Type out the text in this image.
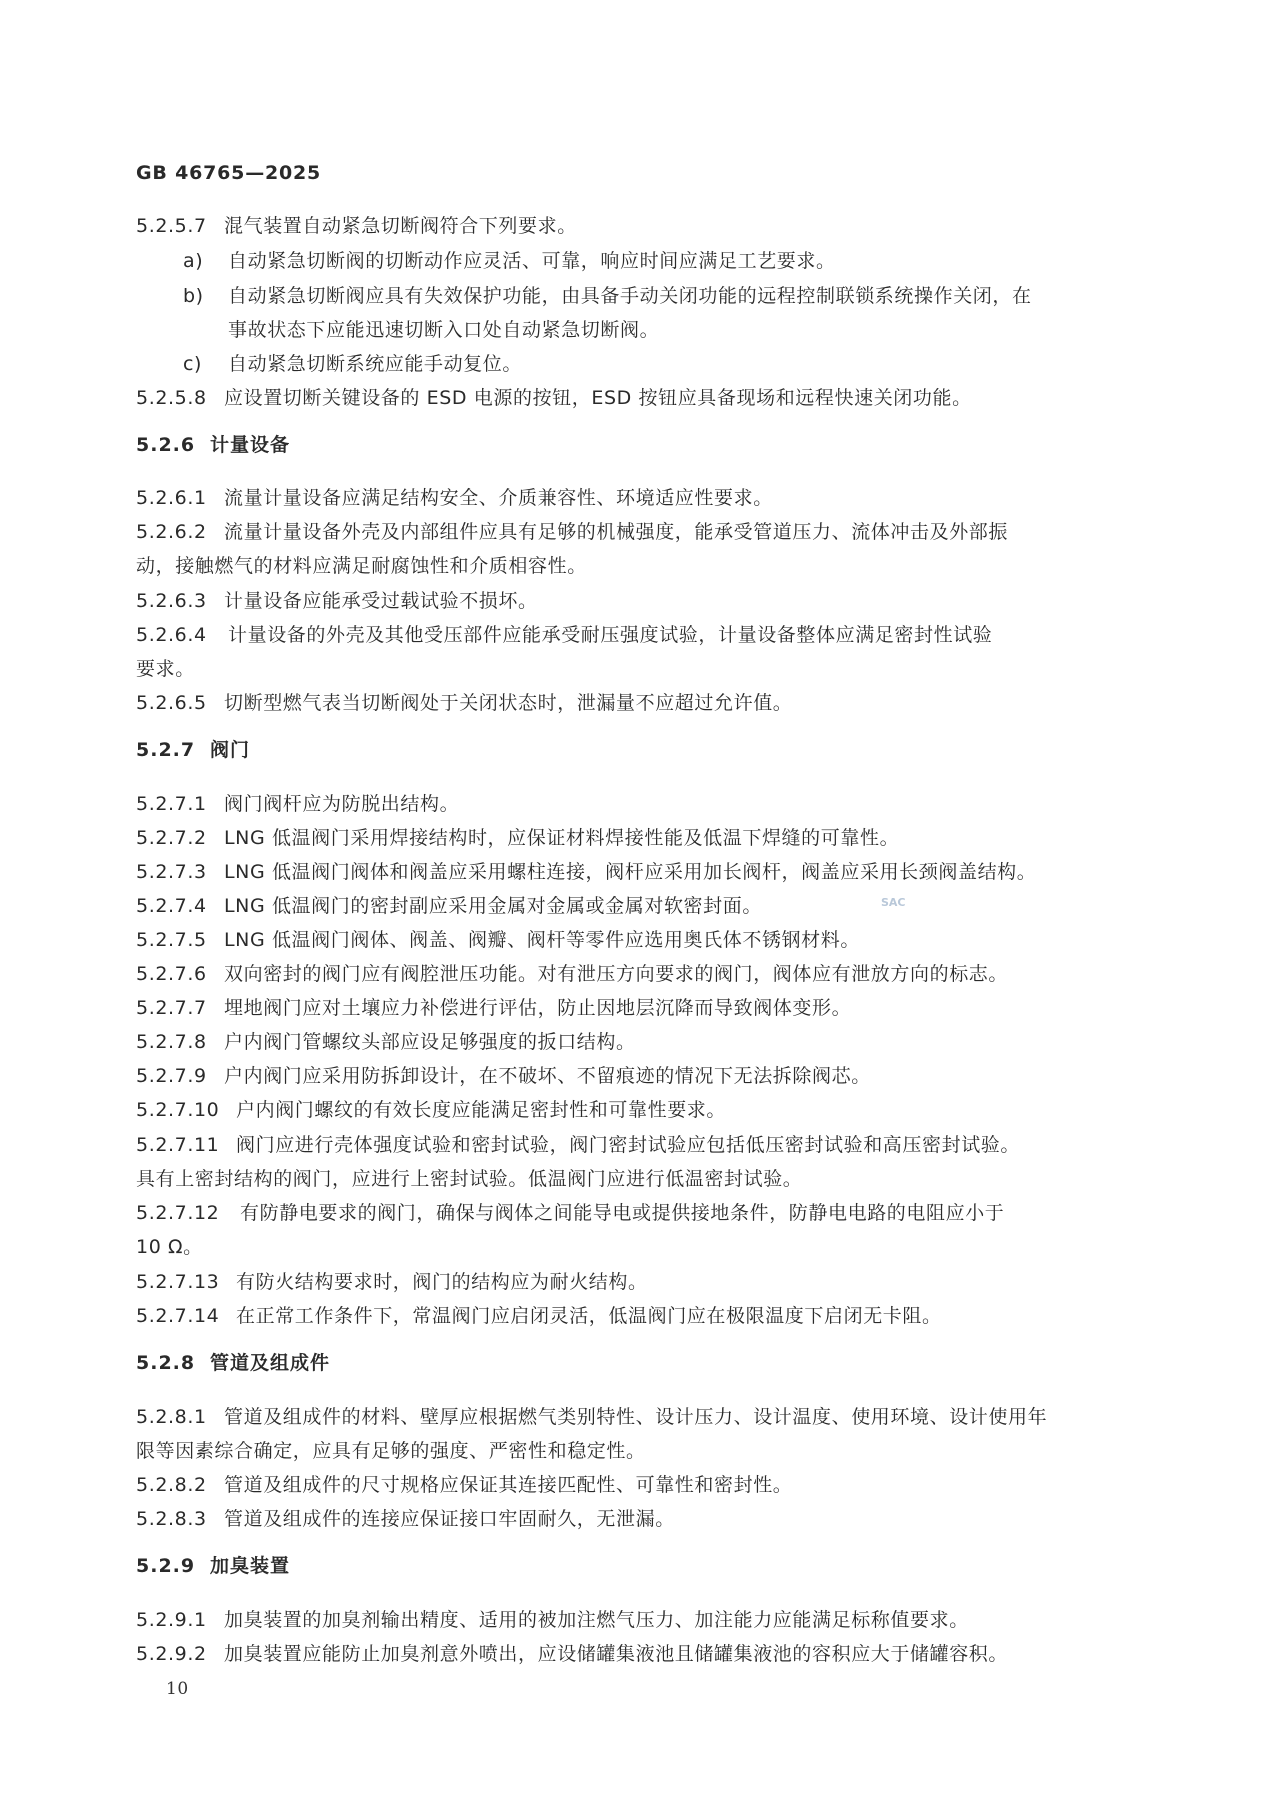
GB 46765—2025
5.2.5.7 混气装置自动紧急切断阀符合下列要求。
a) 自动紧急切断阀的切断动作应灵活、可靠，响应时间应满足工艺要求。
b) 自动紧急切断阀应具有失效保护功能，由具备手动关闭功能的远程控制联锁系统操作关闭，在
事故状态下应能迅速切断入口处自动紧急切断阀。
c) 自动紧急切断系统应能手动复位。
5.2.5.8 应设置切断关键设备的 ESD 电源的按钮，ESD 按钮应具备现场和远程快速关闭功能。
5.2.6 计量设备
5.2.6.1 流量计量设备应满足结构安全、介质兼容性、环境适应性要求。
5.2.6.2 流量计量设备外壳及内部组件应具有足够的机械强度，能承受管道压力、流体冲击及外部振
动，接触燃气的材料应满足耐腐蚀性和介质相容性。
5.2.6.3 计量设备应能承受过载试验不损坏。
5.2.6.4 计量设备的外壳及其他受压部件应能承受耐压强度试验，计量设备整体应满足密封性试验
要求。
5.2.6.5 切断型燃气表当切断阀处于关闭状态时，泄漏量不应超过允许值。
5.2.7 阀门
5.2.7.1 阀门阀杆应为防脱出结构。
5.2.7.2 LNG 低温阀门采用焊接结构时，应保证材料焊接性能及低温下焊缝的可靠性。
5.2.7.3 LNG 低温阀门阀体和阀盖应采用螺柱连接，阀杆应采用加长阀杆，阀盖应采用长颈阀盖结构。
5.2.7.4 LNG 低温阀门的密封副应采用金属对金属或金属对软密封面。
5.2.7.5 LNG 低温阀门阀体、阀盖、阀瓣、阀杆等零件应选用奥氏体不锈钢材料。
5.2.7.6 双向密封的阀门应有阀腔泄压功能。对有泄压方向要求的阀门，阀体应有泄放方向的标志。
5.2.7.7 埋地阀门应对土壤应力补偿进行评估，防止因地层沉降而导致阀体变形。
5.2.7.8 户内阀门管螺纹头部应设足够强度的扳口结构。
5.2.7.9 户内阀门应采用防拆卸设计，在不破坏、不留痕迹的情况下无法拆除阀芯。
5.2.7.10 户内阀门螺纹的有效长度应能满足密封性和可靠性要求。
5.2.7.11 阀门应进行壳体强度试验和密封试验，阀门密封试验应包括低压密封试验和高压密封试验。
具有上密封结构的阀门，应进行上密封试验。低温阀门应进行低温密封试验。
5.2.7.12 有防静电要求的阀门，确保与阀体之间能导电或提供接地条件，防静电电路的电阻应小于
10 Ω。
5.2.7.13 有防火结构要求时，阀门的结构应为耐火结构。
5.2.7.14 在正常工作条件下，常温阀门应启闭灵活，低温阀门应在极限温度下启闭无卡阻。
5.2.8 管道及组成件
5.2.8.1 管道及组成件的材料、壁厚应根据燃气类别特性、设计压力、设计温度、使用环境、设计使用年
限等因素综合确定，应具有足够的强度、严密性和稳定性。
5.2.8.2 管道及组成件的尺寸规格应保证其连接匹配性、可靠性和密封性。
5.2.8.3 管道及组成件的连接应保证接口牢固耐久，无泄漏。
5.2.9 加臭装置
5.2.9.1 加臭装置的加臭剂输出精度、适用的被加注燃气压力、加注能力应能满足标称值要求。
5.2.9.2 加臭装置应能防止加臭剂意外喷出，应设储罐集液池且储罐集液池的容积应大于储罐容积。
SAC
10
